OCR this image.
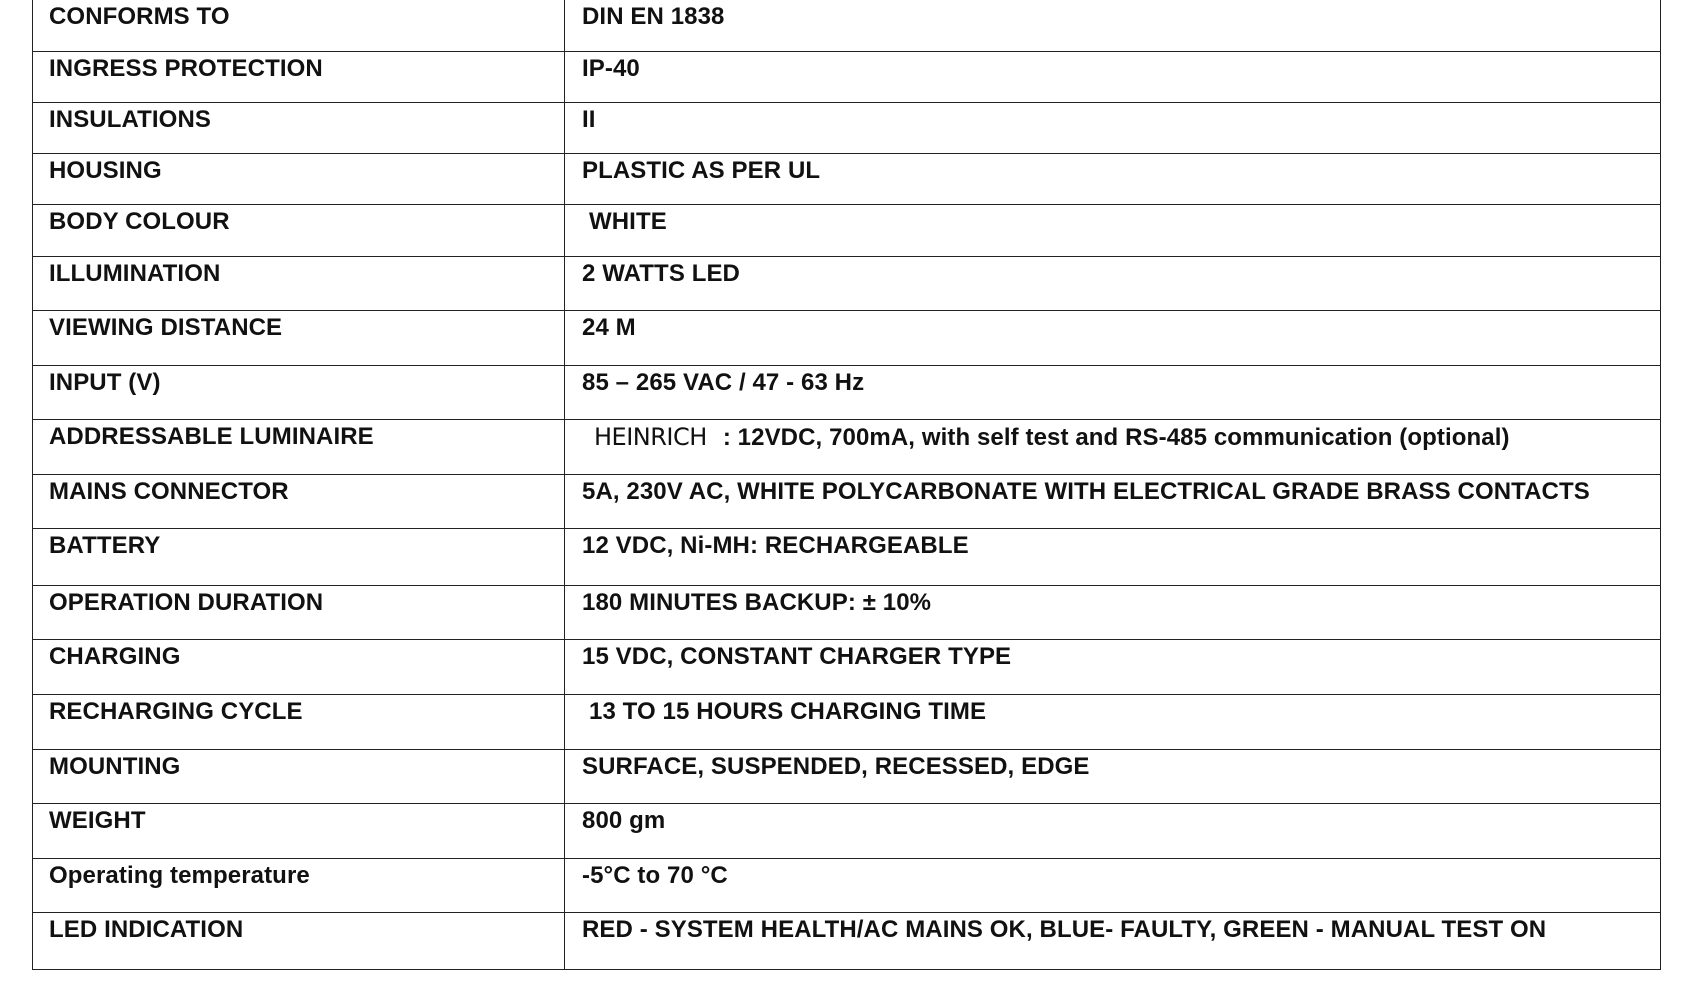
CONFORMS TO	DIN EN 1838
INGRESS PROTECTION	IP-40
INSULATIONS	II
HOUSING	PLASTIC AS PER UL
BODY COLOUR	WHITE
ILLUMINATION	2 WATTS LED
VIEWING DISTANCE	24 M
INPUT (V)	85 – 265 VAC / 47 - 63 Hz
ADDRESSABLE LUMINAIRE	HEINRICH : 12VDC, 700mA, with self test and RS-485 communication (optional)
MAINS CONNECTOR	5A, 230V AC, WHITE POLYCARBONATE WITH ELECTRICAL GRADE BRASS CONTACTS
BATTERY	12 VDC, Ni-MH: RECHARGEABLE
OPERATION DURATION	180 MINUTES BACKUP: ± 10%
CHARGING	15 VDC, CONSTANT CHARGER TYPE
RECHARGING CYCLE	13 TO 15 HOURS CHARGING TIME
MOUNTING	SURFACE, SUSPENDED, RECESSED, EDGE
WEIGHT	800 gm
Operating temperature	-5°C to 70 °C
LED INDICATION	RED - SYSTEM HEALTH/AC MAINS OK, BLUE- FAULTY, GREEN - MANUAL TEST ON
